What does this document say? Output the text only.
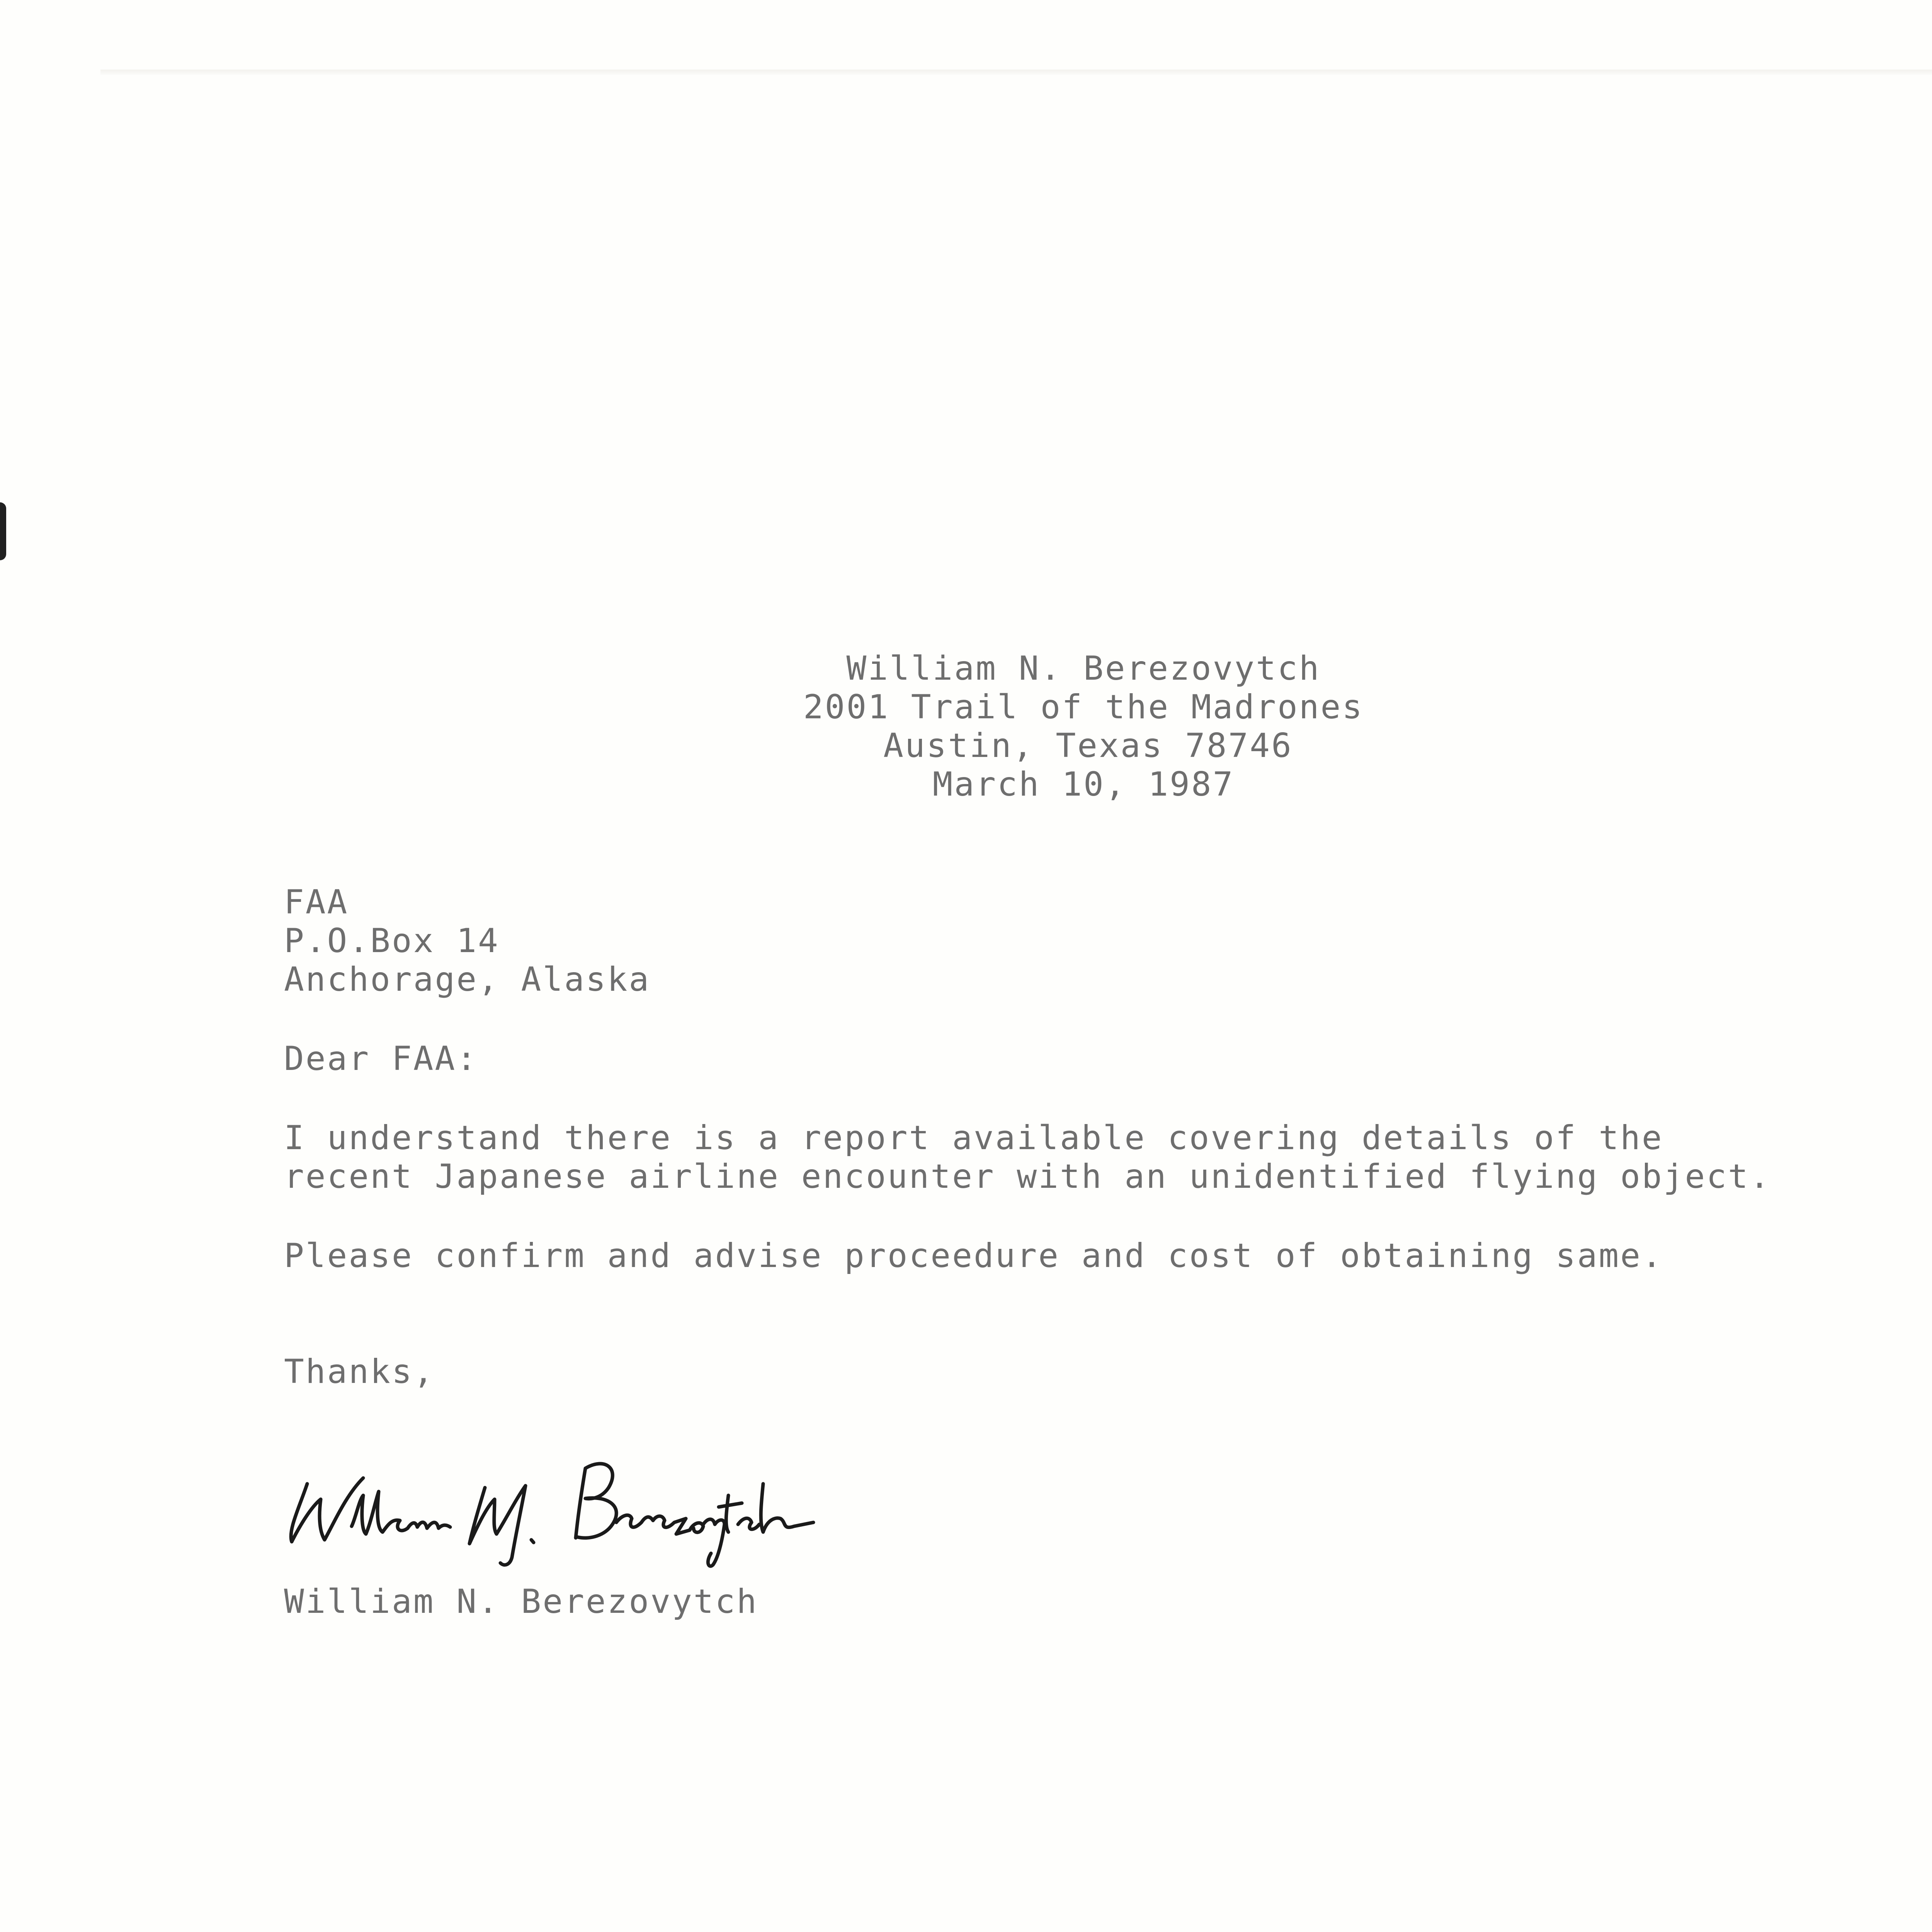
William N. Berezovytch
2001 Trail of the Madrones
Austin, Texas 78746
March 10, 1987
FAA
P.O.Box 14
Anchorage, Alaska
Dear FAA:
I understand there is a report available covering details of the
recent Japanese airline encounter with an unidentified flying object.
Please confirm and advise proceedure and cost of obtaining same.
Thanks,
William N. Berezovytch
